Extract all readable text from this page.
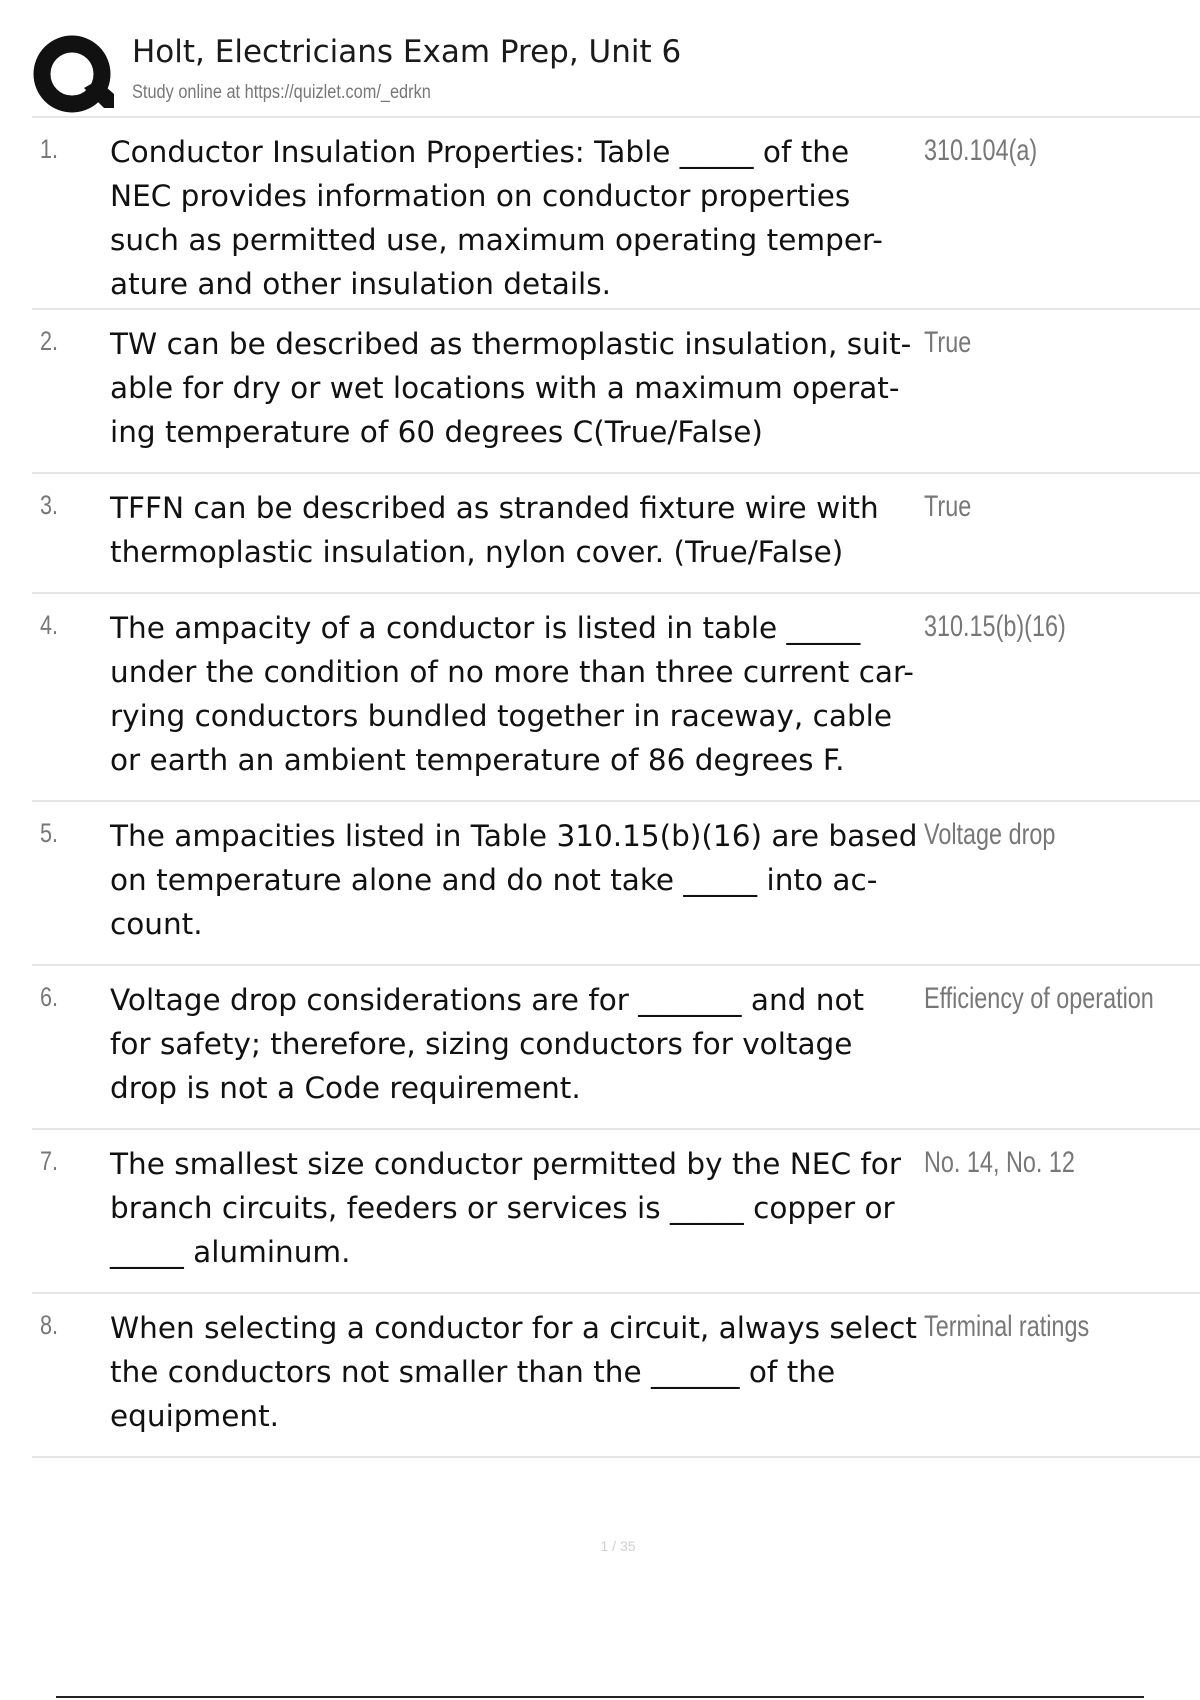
Holt, Electricians Exam Prep, Unit 6
Study online at https://quizlet.com/_edrkn
1. Conductor Insulation Properties: Table _____ of the
NEC provides information on conductor properties
such as permitted use, maximum operating temper-
ature and other insulation details.
310.104(a)
2. TW can be described as thermoplastic insulation, suit-
able for dry or wet locations with a maximum operat-
ing temperature of 60 degrees C(True/False)
True
3. TFFN can be described as stranded fixture wire with
thermoplastic insulation, nylon cover. (True/False)
True
4. The ampacity of a conductor is listed in table _____
under the condition of no more than three current car-
rying conductors bundled together in raceway, cable
or earth an ambient temperature of 86 degrees F.
310.15(b)(16)
5. The ampacities listed in Table 310.15(b)(16) are based
on temperature alone and do not take _____ into ac-
count.
Voltage drop
6. Voltage drop considerations are for _______ and not
for safety; therefore, sizing conductors for voltage
drop is not a Code requirement.
Efficiency of operation
7. The smallest size conductor permitted by the NEC for
branch circuits, feeders or services is _____ copper or
_____ aluminum.
No. 14, No. 12
8. When selecting a conductor for a circuit, always select
the conductors not smaller than the ______ of the
equipment.
Terminal ratings
1 / 35
